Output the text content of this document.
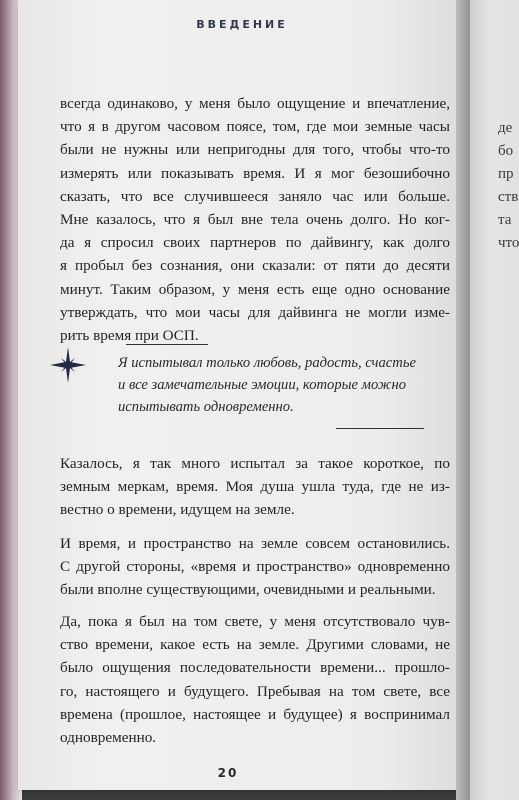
ВВЕДЕНИЕ
всегда одинаково, у меня было ощущение и впечатление,
что я в другом часовом поясе, том, где мои земные часы
были не нужны или непригодны для того, чтобы что-то
измерять или показывать время. И я мог безошибочно
сказать, что все случившееся заняло час или больше.
Мне казалось, что я был вне тела очень долго. Но ког-
да я спросил своих партнеров по дайвингу, как долго
я пробыл без сознания, они сказали: от пяти до десяти
минут. Таким образом, у меня есть еще одно основание
утверждать, что мои часы для дайвинга не могли изме-
рить время при ОСП.
Я испытывал только любовь, радость, счастье
и все замечательные эмоции, которые можно
испытывать одновременно.
Казалось, я так много испытал за такое короткое, по
земным меркам, время. Моя душа ушла туда, где не из-
вестно о времени, идущем на земле.
И время, и пространство на земле совсем остановились.
С другой стороны, «время и пространство» одновременно
были вполне существующими, очевидными и реальными.
Да, пока я был на том свете, у меня отсутствовало чув-
ство времени, какое есть на земле. Другими словами, не
было ощущения последовательности времени... прошло-
го, настоящего и будущего. Пребывая на том свете, все
времена (прошлое, настоящее и будущее) я воспринимал
одновременно.
20
де
бо
пр
ств
та
что
